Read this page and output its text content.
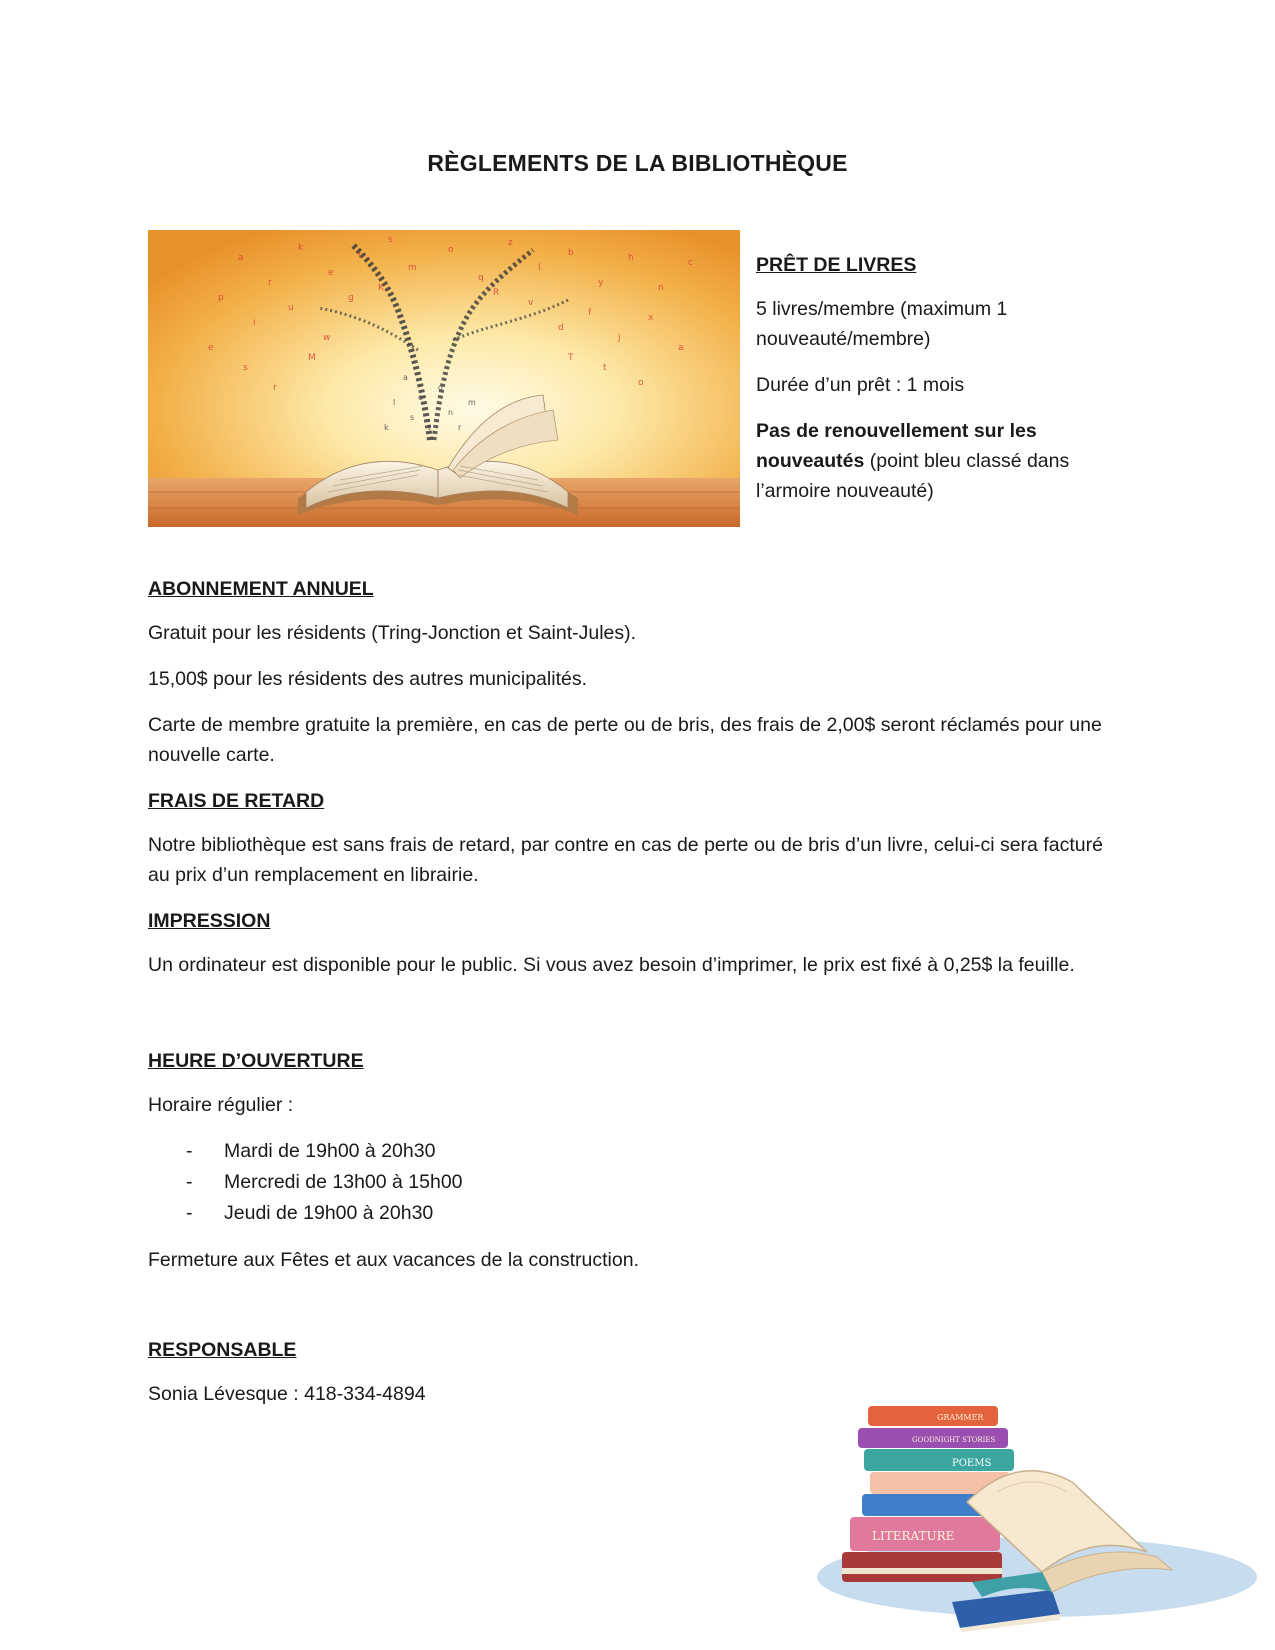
RÈGLEMENTS DE LA BIBLIOTHÈQUE
a
r
k
e
t
s
m
o
q
z
l
b
y
h
n
c
p
i
u
w
g	v
d
f
j
x
a
e
s
r
t
o
K	R
M	T
a
e
o
n
s
t	r
l	m
k

PRÊT DE LIVRES

5 livres/membre (maximum 1 nouveauté/membre)

Durée d’un prêt : 1 mois

Pas de renouvellement sur les nouveautés (point bleu classé dans l’armoire nouveauté)

ABONNEMENT ANNUEL

Gratuit pour les résidents (Tring-Jonction et Saint-Jules).

15,00$ pour les résidents des autres municipalités.

Carte de membre gratuite la première, en cas de perte ou de bris, des frais de 2,00$ seront réclamés pour une nouvelle carte.

FRAIS DE RETARD

Notre bibliothèque est sans frais de retard, par contre en cas de perte ou de bris d’un livre, celui-ci sera facturé au prix d’un remplacement en librairie.

IMPRESSION

Un ordinateur est disponible pour le public. Si vous avez besoin d’imprimer, le prix est fixé à 0,25$ la feuille.

HEURE D’OUVERTURE

Horaire régulier :

- Mardi de 19h00 à 20h30
- Mercredi de 13h00 à 15h00
- Jeudi de 19h00 à 20h30

Fermeture aux Fêtes et aux vacances de la construction.

RESPONSABLE

Sonia Lévesque : 418-334-4894

LITERATURE
POEMS
GOODNIGHT STORIES
GRAMMER
